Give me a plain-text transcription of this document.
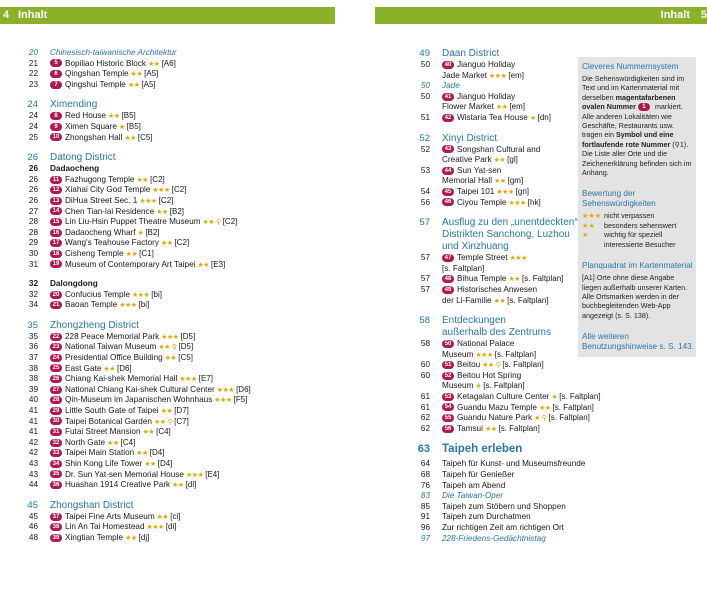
4 Inhalt	Inhalt 5
20	Chinesisch-taiwanische Architektur
21	5 Bopiliao Historic Block ★★ [A6]
22	6 Qingshan Temple ★★ [A5]
23	7 Qingshui Temple ★★ [A5]
24	Ximending
24	8 Red House ★★ [B5]
24	9 Ximen Square ★ [B5]
25	10 Zhongshan Hall ★★ [C5]
26	Datong District
26	Dadaocheng
26	11 Fazhugong Temple ★★ [C2]
26	12 Xiahai City God Temple ★★★ [C2]
26	13 DiHua Street Sec. 1 ★★★ [C2]
27	14 Chen Tian-lai Residence ★★ [B2]
28	15 Lin Liu-Hsin Puppet Theatre Museum ★★ ⚲ [C2]
28	16 Dadaocheng Wharf ★ [B2]
29	17 Wang's Teahouse Factory ★★ [C2]
30	18 Cisheng Temple ★★ [C1]
31	19 Museum of Contemporary Art Taipei ★★ [E3]
32	Dalongdong
32	20 Confucius Temple ★★★ [bi]
34	21 Baoan Temple ★★★ [bi]
35	Zhongzheng District
35	22 228 Peace Memorial Park ★★★ [D5]
36	23 National Taiwan Museum ★★ ⚲ [D5]
37	24 Presidential Office Building ★★ [C5]
38	25 East Gate ★★ [D6]
38	26 Chiang Kai-shek Memorial Hall ★★★ [E7]
39	27 National Chiang Kai-shek Cultural Center ★★★ [D6]
40	28 Qin-Museum im Japanischen Wohnhaus ★★★ [F5]
41	29 Little South Gate of Taipei ★★ [D7]
41	30 Taipei Botanical Garden ★★ ⚲ [C7]
41	31 Futai Street Mansion ★★ [C4]
42	32 North Gate ★★ [C4]
42	33 Taipei Main Station ★★ [D4]
43	34 Shin Kong Life Tower ★★ [D4]
43	35 Dr. Sun Yat-sen Memorial House ★★★ [E4]
44	36 Huashan 1914 Creative Park ★★ [dl]
45	Zhongshan District
45	37 Taipei Fine Arts Museum ★★ [ci]
46	38 Lin An Tai Homestead ★★★ [di]
48	39 Xingtian Temple ★★ [dj]
49	Daan District
50	40 Jianguo Holiday
Jade Market ★★★ [em]
50	Jade
50	41 Jianguo Holiday
Flower Market ★★ [em]
51	42 Wistaria Tea House ★ [dn]
52	Xinyi District
52	43 Songshan Cultural and
Creative Park ★★ [gl]
53	44 Sun Yat-sen
Memorial Hall ★★ [gm]
54	45 Taipei 101 ★★★ [gn]
56	46 Ciyou Temple ★★★ [hk]
57	Ausflug zu den „unentdeckten“
Distrikten Sanchong, Luzhou
und Xinzhuang
57	47 Temple Street ★★★
[s. Faltplan]
57	48 Bihua Temple ★★ [s. Faltplan]
57	49 Historisches Anwesen
der Li-Familie ★★ [s. Faltplan]
58	Entdeckungen
außerhalb des Zentrums
58	50 National Palace
Museum ★★★ [s. Faltplan]
60	51 Beitou ★★ ⚲ [s. Faltplan]
60	52 Beitou Hot Spring
Museum ★ [s. Faltplan]
61	53 Ketagalan Culture Center ★ [s. Faltplan]
61	54 Guandu Mazu Temple ★★ [s. Faltplan]
62	55 Guandu Nature Park ★ ⚲ [s. Faltplan]
62	56 Tamsui ★★ [s. Faltplan]
63	Taipeh erleben
64	Taipeh für Kunst- und Museumsfreunde
68	Taipeh für Genießer
76	Taipeh am Abend
83	Die Taiwan-Oper
85	Taipeh zum Stöbern und Shoppen
91	Taipeh zum Durchatmen
96	Zur richtigen Zeit am richtigen Ort
97	228-Friedens-Gedächtnistag
Cleveres Nummernsystem

Die Sehenswürdigkeiten sind im Text und im Kartenmaterial mit derselben magentafarbenen ovalen Nummer 1 markiert. Alle anderen Lokalitäten wie Geschäfte, Restaurants usw. tragen ein Symbol und eine fortlaufende rote Nummer (⚲1). Die Liste aller Orte und die Zeichenerklärung befinden sich im Anhang.

Bewertung der Sehenswürdigkeiten
★★★ nicht verpassen
★★	besonders sehenswert
★	wichtig für speziell interessierte Besucher
Planquadrat im Kartenmaterial

[A1] Orte ohne diese Angabe liegen außerhalb unserer Karten. Alle Ortsmarken werden in der buchbegleitenden Web-App angezeigt (s. S. 138).

Alle weiteren Benutzungshinweise s. S. 143.
